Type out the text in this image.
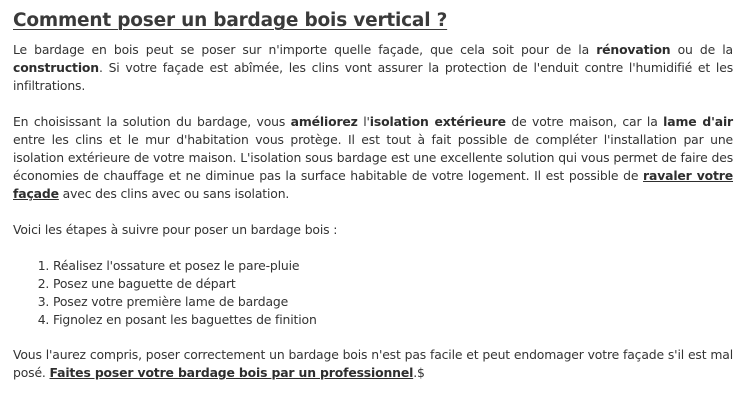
Comment poser un bardage bois vertical ?

Le bardage en bois peut se poser sur n'importe quelle façade, que cela soit pour de la rénovation ou de la construction. Si votre façade est abîmée, les clins vont assurer la protection de l'enduit contre l'humidifié et les infiltrations.

En choisissant la solution du bardage, vous améliorez l'isolation extérieure de votre maison, car la lame d'air entre les clins et le mur d'habitation vous protège. Il est tout à fait possible de compléter l'installation par une isolation extérieure de votre maison. L'isolation sous bardage est une excellente solution qui vous permet de faire des économies de chauffage et ne diminue pas la surface habitable de votre logement. Il est possible de ravaler votre façade avec des clins avec ou sans isolation.

Voici les étapes à suivre pour poser un bardage bois :

1. Réalisez l'ossature et posez le pare-pluie
2. Posez une baguette de départ
3. Posez votre première lame de bardage
4. Fignolez en posant les baguettes de finition

Vous l'aurez compris, poser correctement un bardage bois n'est pas facile et peut endomager votre façade s'il est mal posé. Faites poser votre bardage bois par un professionnel.$
